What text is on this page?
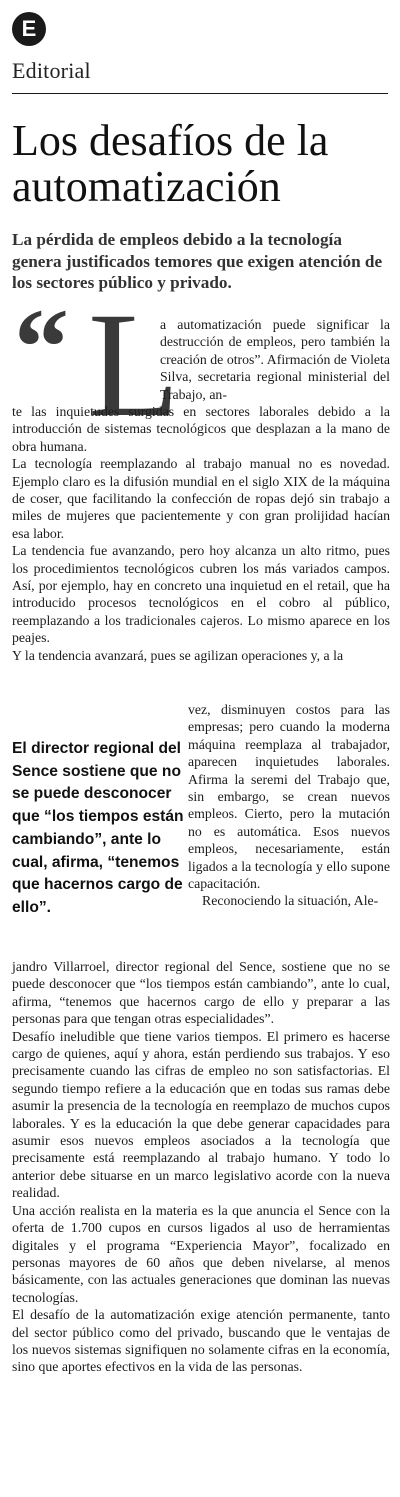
E
Editorial
Los desafíos de la automatización

La pérdida de empleos debido a la tecnología genera justificados temores que exigen atención de los sectores público y privado.

“ L

a automatización puede significar la destrucción de empleos, pero también la creación de otros”. Afirmación de Violeta Silva, secretaria regional ministerial del Trabajo, an-

te las inquietudes surgidas en sectores laborales debido a la introducción de sistemas tecnológicos que desplazan a la mano de obra humana.

La tecnología reemplazando al trabajo manual no es novedad. Ejemplo claro es la difusión mundial en el siglo XIX de la máquina de coser, que facilitando la confección de ropas dejó sin trabajo a miles de mujeres que pacientemente y con gran prolijidad hacían esa labor.

La tendencia fue avanzando, pero hoy alcanza un alto ritmo, pues los procedimientos tecnológicos cubren los más variados campos. Así, por ejemplo, hay en concreto una inquietud en el retail, que ha introducido procesos tecnológicos en el cobro al público, reemplazando a los tradicionales cajeros. Lo mismo aparece en los peajes.

Y la tendencia avanzará, pues se agilizan operaciones y, a la

El director regional del Sence sostiene que no se puede desconocer que “los tiempos están cambiando”, ante lo cual, afirma, “tenemos que hacernos cargo de ello”.

vez, disminuyen costos para las empresas; pero cuando la moderna máquina reemplaza al trabajador, aparecen inquietudes laborales. Afirma la seremi del Trabajo que, sin embargo, se crean nuevos empleos. Cierto, pero la mutación no es automática. Esos nuevos empleos, necesariamente, están ligados a la tecnología y ello supone capacitación.

Reconociendo la situación, Ale-

jandro Villarroel, director regional del Sence, sostiene que no se puede desconocer que “los tiempos están cambiando”, ante lo cual, afirma, “tenemos que hacernos cargo de ello y preparar a las personas para que tengan otras especialidades”.

Desafío ineludible que tiene varios tiempos. El primero es hacerse cargo de quienes, aquí y ahora, están perdiendo sus trabajos. Y eso precisamente cuando las cifras de empleo no son satisfactorias. El segundo tiempo refiere a la educación que en todas sus ramas debe asumir la presencia de la tecnología en reemplazo de muchos cupos laborales. Y es la educación la que debe generar capacidades para asumir esos nuevos empleos asociados a la tecnología que precisamente está reemplazando al trabajo humano. Y todo lo anterior debe situarse en un marco legislativo acorde con la nueva realidad.

Una acción realista en la materia es la que anuncia el Sence con la oferta de 1.700 cupos en cursos ligados al uso de herramientas digitales y el programa “Experiencia Mayor”, focalizado en personas mayores de 60 años que deben nivelarse, al menos básicamente, con las actuales generaciones que dominan las nuevas tecnologías.

El desafío de la automatización exige atención permanente, tanto del sector público como del privado, buscando que le ventajas de los nuevos sistemas signifiquen no solamente cifras en la economía, sino que aportes efectivos en la vida de las personas.
